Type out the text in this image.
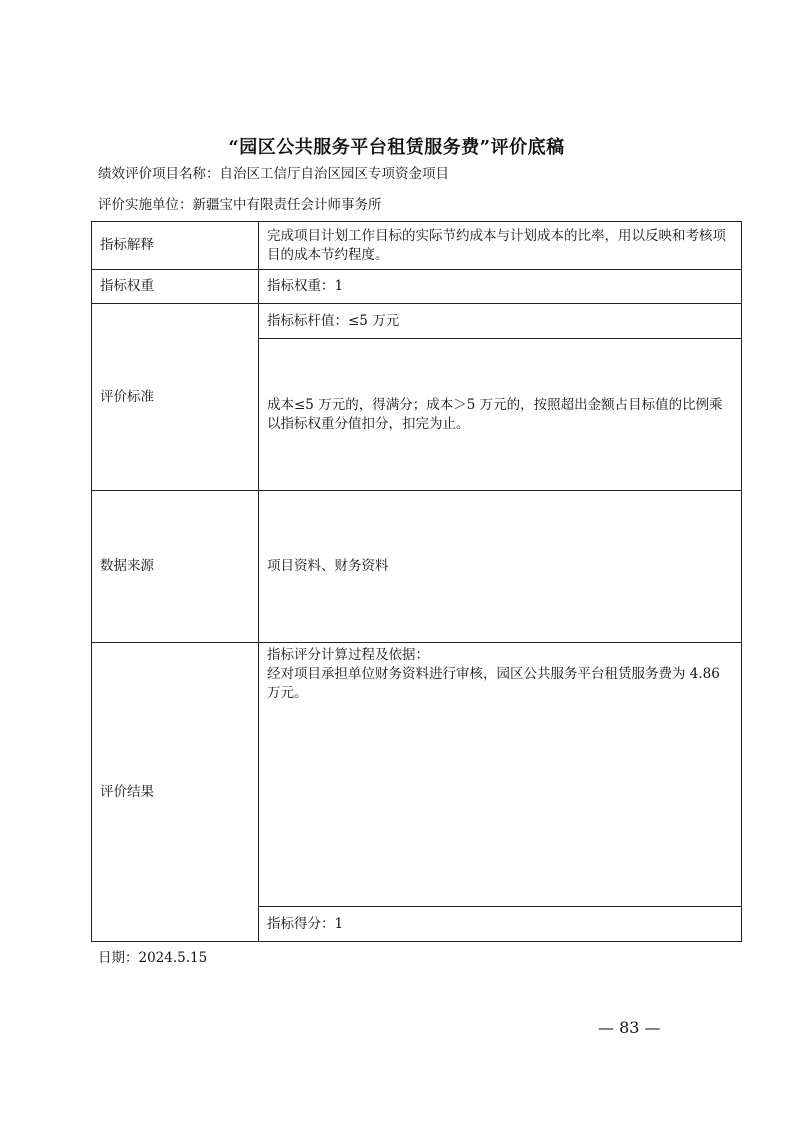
“园区公共服务平台租赁服务费”评价底稿
绩效评价项目名称：自治区工信厅自治区园区专项资金项目
评价实施单位：新疆宝中有限责任会计师事务所
指标解释	完成项目计划工作目标的实际节约成本与计划成本的比率，用以反映和考核项目的成本节约程度。
指标权重	指标权重：1
评价标准	指标标杆值：≤5 万元
	成本≤5 万元的，得满分；成本＞5 万元的，按照超出金额占目标值的比例乘以指标权重分值扣分，扣完为止。
数据来源	项目资料、财务资料
评价结果	指标评分计算过程及依据：
经对项目承担单位财务资料进行审核，园区公共服务平台租赁服务费为 4.86 万元。

	指标得分：1
日期：2024.5.15
— 83 —
